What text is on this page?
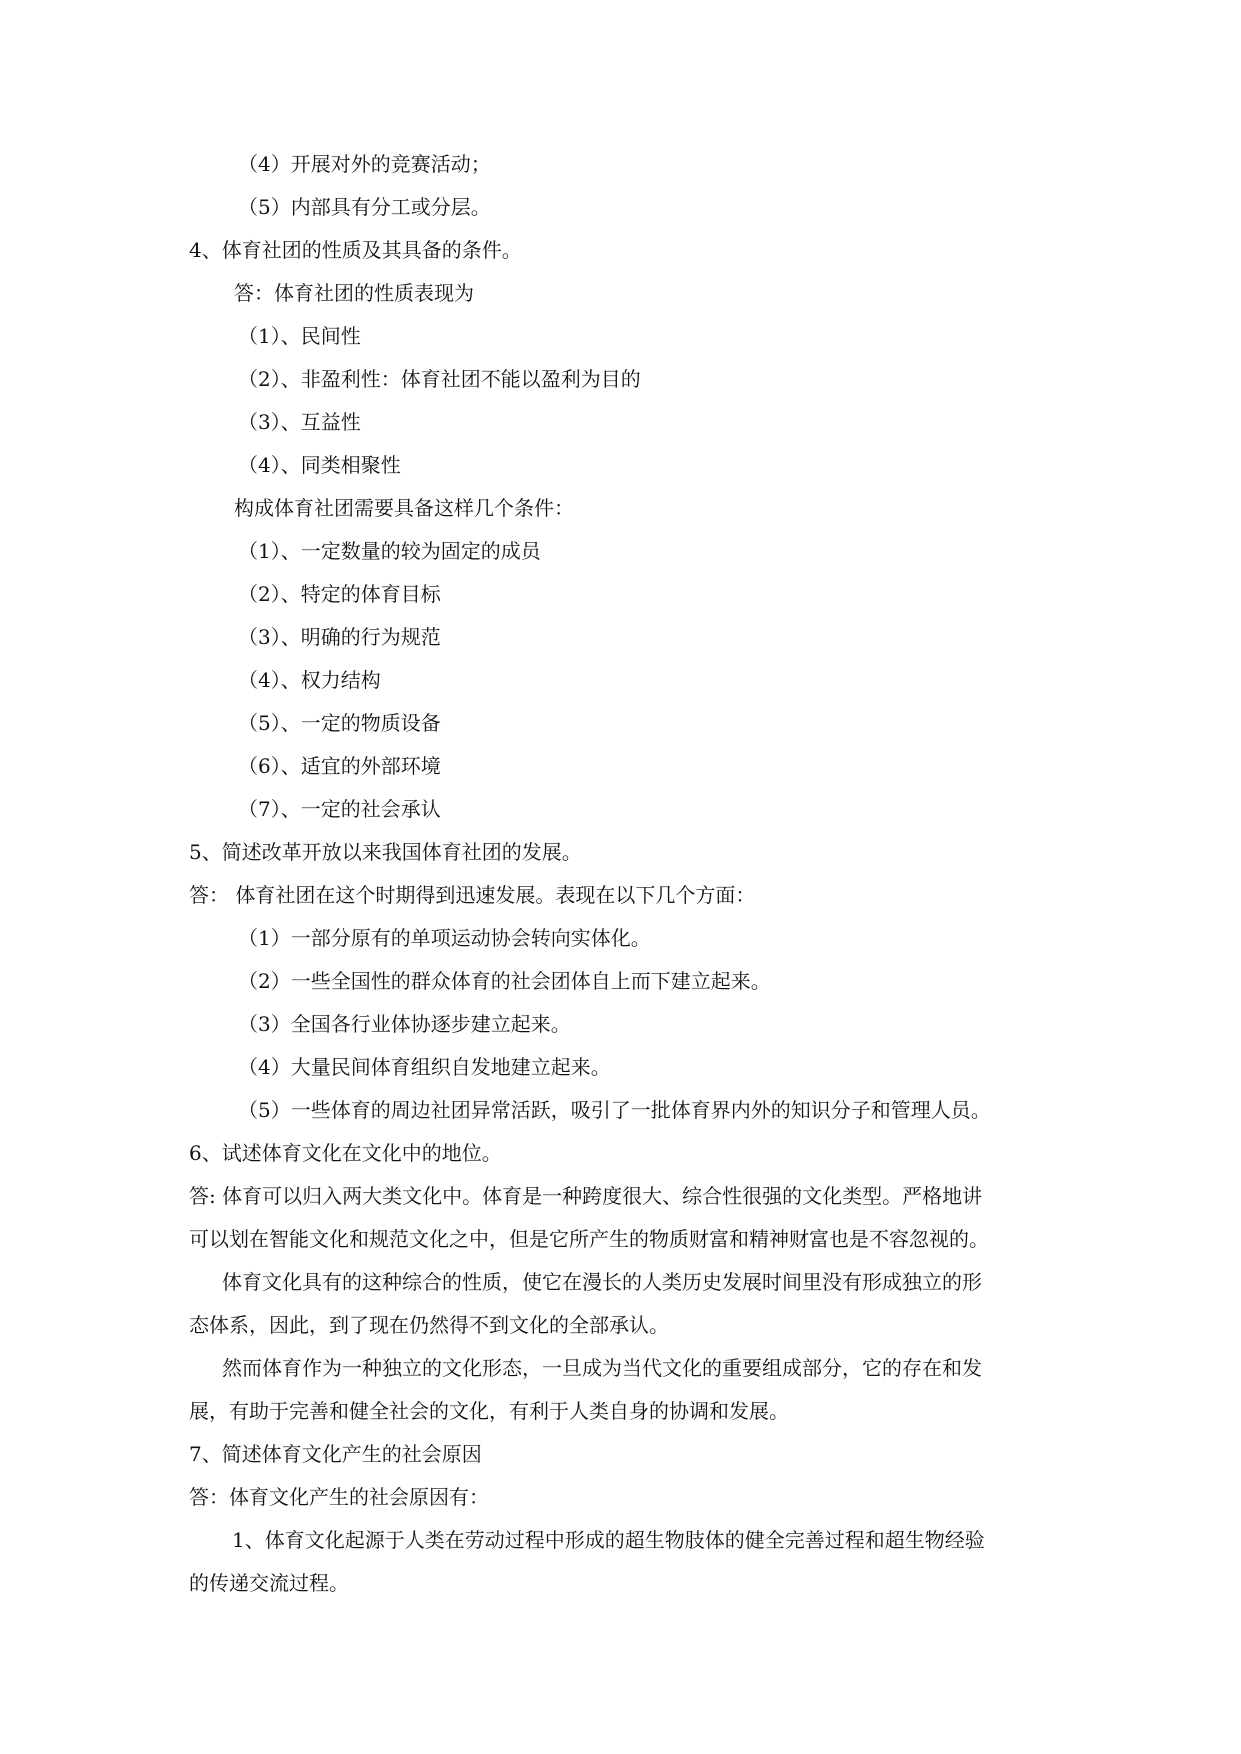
（4）开展对外的竞赛活动；
（5）内部具有分工或分层。
4、体育社团的性质及其具备的条件。
答：体育社团的性质表现为
（1）、民间性
（2）、非盈利性：体育社团不能以盈利为目的
（3）、互益性
（4）、同类相聚性
构成体育社团需要具备这样几个条件：
（1）、一定数量的较为固定的成员
（2）、特定的体育目标
（3）、明确的行为规范
（4）、权力结构
（5）、一定的物质设备
（6）、适宜的外部环境
（7）、一定的社会承认
5、简述改革开放以来我国体育社团的发展。
答： 体育社团在这个时期得到迅速发展。表现在以下几个方面：
（1）一部分原有的单项运动协会转向实体化。
（2）一些全国性的群众体育的社会团体自上而下建立起来。
（3）全国各行业体协逐步建立起来。
（4）大量民间体育组织自发地建立起来。
（5）一些体育的周边社团异常活跃，吸引了一批体育界内外的知识分子和管理人员。
6、试述体育文化在文化中的地位。
答: 体育可以归入两大类文化中。体育是一种跨度很大、综合性很强的文化类型。严格地讲
可以划在智能文化和规范文化之中，但是它所产生的物质财富和精神财富也是不容忽视的。
体育文化具有的这种综合的性质，使它在漫长的人类历史发展时间里没有形成独立的形
态体系，因此，到了现在仍然得不到文化的全部承认。
然而体育作为一种独立的文化形态，一旦成为当代文化的重要组成部分，它的存在和发
展，有助于完善和健全社会的文化，有利于人类自身的协调和发展。
7、简述体育文化产生的社会原因
答：体育文化产生的社会原因有：
1、体育文化起源于人类在劳动过程中形成的超生物肢体的健全完善过程和超生物经验
的传递交流过程。
